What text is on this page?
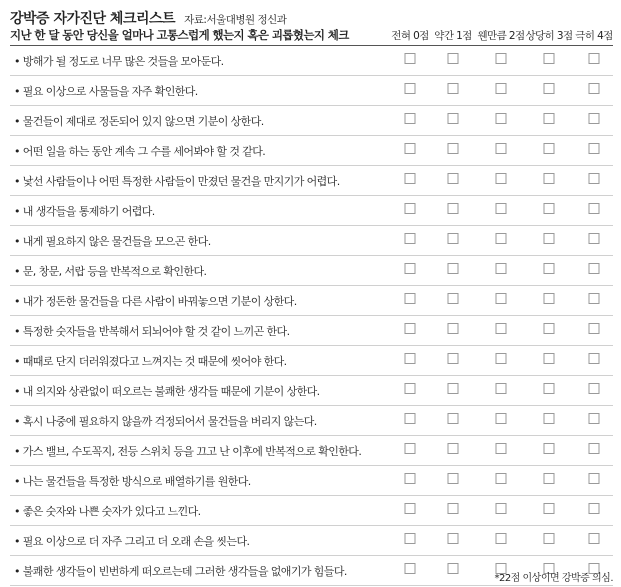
강박증 자가진단 체크리스트 자료:서울대병원 정신과
지난 한 달 동안 당신을 얼마나 고통스럽게 했는지 혹은 괴롭혔는지 체크	전혀 0점 약간 1점 웬만큼 2점 상당히 3점 극히 4점
• 방해가 될 정도로 너무 많은 것들을 모아둔다.
• 필요 이상으로 사물들을 자주 확인한다.
• 물건들이 제대로 정돈되어 있지 않으면 기분이 상한다.
• 어떤 일을 하는 동안 계속 그 수를 세어봐야 할 것 같다.
• 낯선 사람들이나 어떤 특정한 사람들이 만졌던 물건을 만지기가 어렵다.
• 내 생각들을 통제하기 어렵다.
• 내게 필요하지 않은 물건들을 모으곤 한다.
• 문, 창문, 서랍 등을 반복적으로 확인한다.
• 내가 정돈한 물건들을 다른 사람이 바꿔놓으면 기분이 상한다.
• 특정한 숫자들을 반복해서 되뇌어야 할 것 같이 느끼곤 한다.
• 때때로 단지 더러워졌다고 느껴지는 것 때문에 씻어야 한다.
• 내 의지와 상관없이 떠오르는 불쾌한 생각들 때문에 기분이 상한다.
• 혹시 나중에 필요하지 않을까 걱정되어서 물건들을 버리지 않는다.
• 가스 밸브, 수도꼭지, 전등 스위치 등을 끄고 난 이후에 반복적으로 확인한다.
• 나는 물건들을 특정한 방식으로 배열하기를 원한다.
• 좋은 숫자와 나쁜 숫자가 있다고 느낀다.
• 필요 이상으로 더 자주 그리고 더 오래 손을 씻는다.
• 불쾌한 생각들이 빈번하게 떠오르는데 그러한 생각들을 없애기가 힘들다.
*22점 이상이면 강박증 의심.
